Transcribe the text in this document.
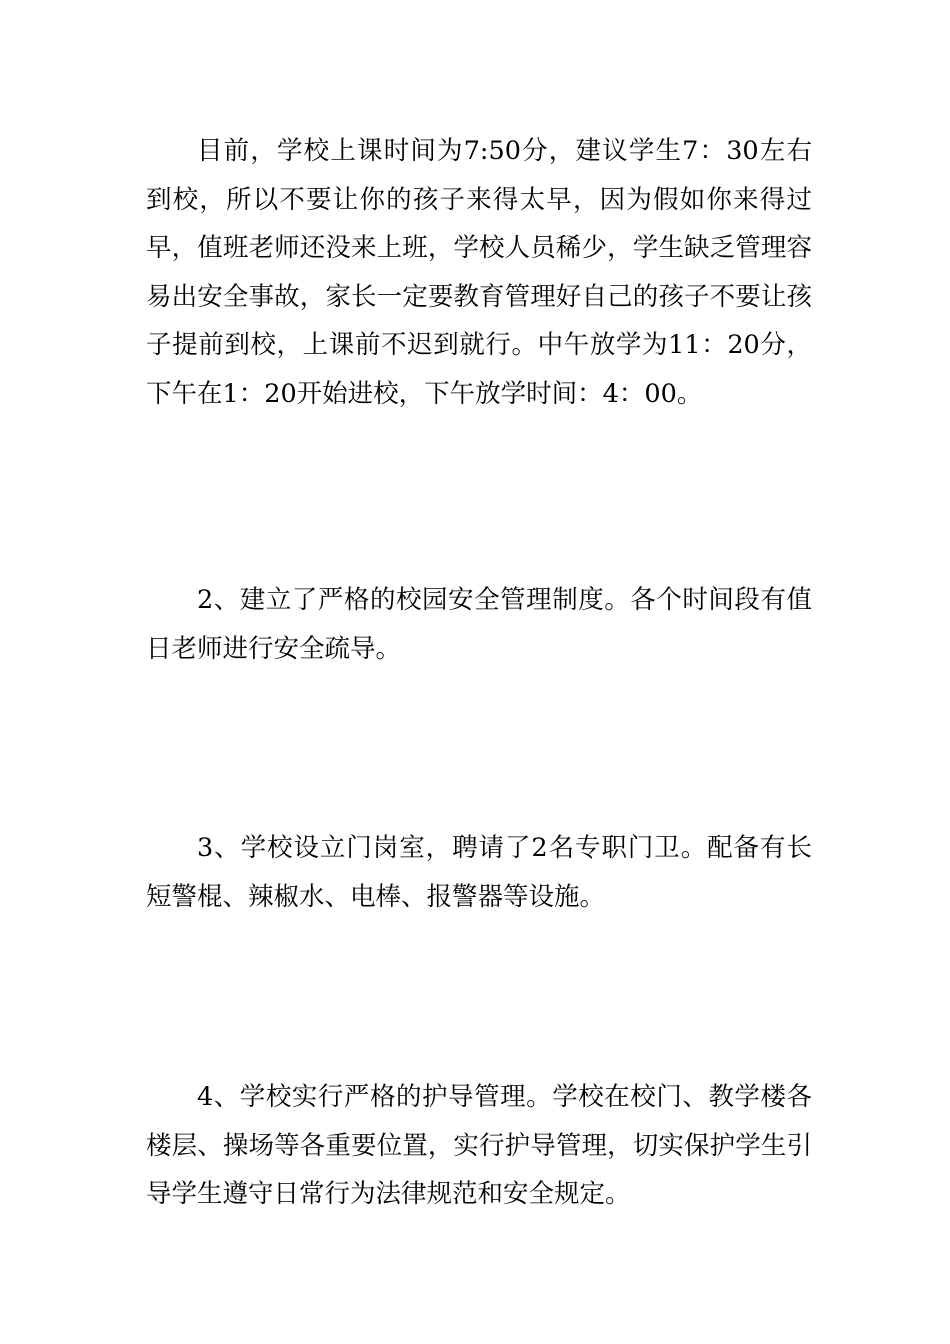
目前，学校上课时间为7:50分，建议学生7：30左右到校，所以不要让你的孩子来得太早，因为假如你来得过早，值班老师还没来上班，学校人员稀少，学生缺乏管理容易出安全事故，家长一定要教育管理好自己的孩子不要让孩子提前到校，上课前不迟到就行。中午放学为11：20分，下午在1：20开始进校，下午放学时间：4：00。

2、建立了严格的校园安全管理制度。各个时间段有值日老师进行安全疏导。

3、学校设立门岗室，聘请了2名专职门卫。配备有长短警棍、辣椒水、电棒、报警器等设施。

4、学校实行严格的护导管理。学校在校门、教学楼各楼层、操场等各重要位置，实行护导管理，切实保护学生引导学生遵守日常行为法律规范和安全规定。
